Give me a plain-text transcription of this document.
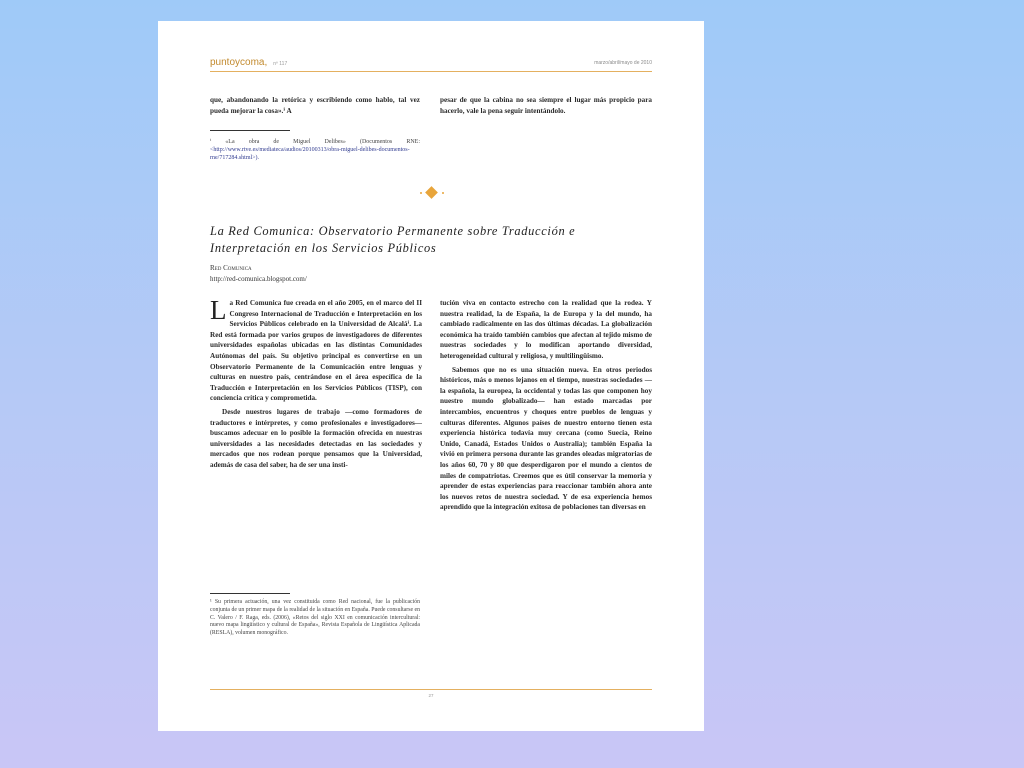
puntoycoma, nº 117	marzo/abril/mayo de 2010

que, abandonando la retórica y escribiendo como hablo, tal vez pueda mejorar la cosa».ⁱ A

pesar de que la cabina no sea siempre el lugar más propicio para hacerlo, vale la pena seguir intentándolo.

ⁱ «La obra de Miguel Delibes» (Documentos RNE: <http://www.rtve.es/mediateca/audios/20100313/obra-miguel-delibes-documentos-rne/717284.shtml>).
La Red Comunica: Observatorio Permanente sobre Traducción e Interpretación en los Servicios Públicos
Red Comunica
http://red-comunica.blogspot.com/

La Red Comunica fue creada en el año 2005, en el marco del II Congreso Internacional de Traducción e Interpretación en los Servicios Públicos celebrado en la Universidad de Alcaláⁱ. La Red está formada por varios grupos de investigadores de diferentes universidades españolas ubicadas en las distintas Comunidades Autónomas del país. Su objetivo principal es convertirse en un Observatorio Permanente de la Comunicación entre lenguas y culturas en nuestro país, centrándose en el área específica de la Traducción e Interpretación en los Servicios Públicos (TISP), con conciencia crítica y comprometida.

Desde nuestros lugares de trabajo —como formadores de traductores e intérpretes, y como profesionales e investigadores— buscamos adecuar en lo posible la formación ofrecida en nuestras universidades a las necesidades detectadas en las sociedades y mercados que nos rodean porque pensamos que la Universidad, además de casa del saber, ha de ser una insti-

tución viva en contacto estrecho con la realidad que la rodea. Y nuestra realidad, la de España, la de Europa y la del mundo, ha cambiado radicalmente en las dos últimas décadas. La globalización económica ha traído también cambios que afectan al tejido mismo de nuestras sociedades y lo modifican aportando diversidad, heterogeneidad cultural y religiosa, y multilingüismo.

Sabemos que no es una situación nueva. En otros periodos históricos, más o menos lejanos en el tiempo, nuestras sociedades —la española, la europea, la occidental y todas las que componen hoy nuestro mundo globalizado— han estado marcadas por intercambios, encuentros y choques entre pueblos de lenguas y culturas diferentes. Algunos países de nuestro entorno tienen esta experiencia histórica todavía muy cercana (como Suecia, Reino Unido, Canadá, Estados Unidos o Australia); también España la vivió en primera persona durante las grandes oleadas migratorias de los años 60, 70 y 80 que desperdigaron por el mundo a cientos de miles de compatriotas. Creemos que es útil conservar la memoria y aprender de estas experiencias para reaccionar también ahora ante los nuevos retos de nuestra sociedad. Y de esa experiencia hemos aprendido que la integración exitosa de poblaciones tan diversas en

¹ Su primera actuación, una vez constituida como Red nacional, fue la publicación conjunta de un primer mapa de la realidad de la situación en España. Puede consultarse en C. Valero / F. Raga, eds. (2006), «Retos del siglo XXI en comunicación intercultural: nuevo mapa lingüístico y cultural de España», Revista Española de Lingüística Aplicada (RESLA), volumen monográfico.
27
